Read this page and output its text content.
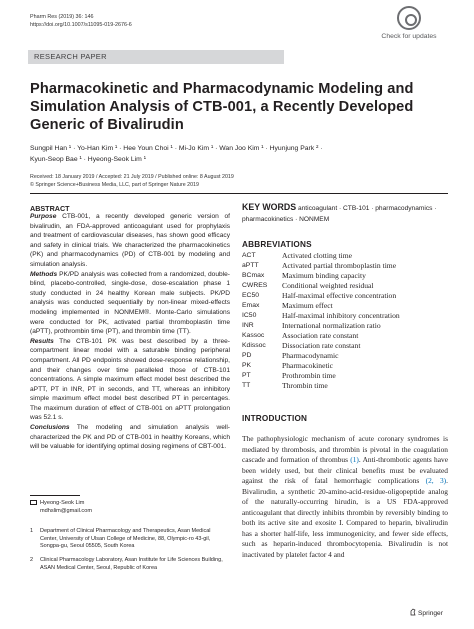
Pharm Res (2019) 36: 146
https://doi.org/10.1007/s11095-019-2676-6
Check for updates
RESEARCH PAPER
Pharmacokinetic and Pharmacodynamic Modeling and Simulation Analysis of CTB-001, a Recently Developed Generic of Bivalirudin
Sungpil Han ¹ · Yo-Han Kim ¹ · Hee Youn Choi ¹ · Mi-Jo Kim ¹ · Wan Joo Kim ¹ · Hyunjung Park ² ·
Kyun-Seop Bae ¹ · Hyeong-Seok Lim ¹
Received: 18 January 2019 / Accepted: 21 July 2019 / Published online: 8 August 2019
© Springer Science+Business Media, LLC, part of Springer Nature 2019
ABSTRACT

Purpose CTB-001, a recently developed generic version of bivalirudin, an FDA-approved anticoagulant used for prophylaxis and treatment of cardiovascular diseases, has shown good efficacy and safety in clinical trials. We characterized the pharmacokinetics (PK) and pharmacodynamics (PD) of CTB-001 by modeling and simulation analysis.

Methods PK/PD analysis was collected from a randomized, double-blind, placebo-controlled, single-dose, dose-escalation phase 1 study conducted in 24 healthy Korean male subjects. PK/PD analysis was conducted sequentially by non-linear mixed-effects modeling implemented in NONMEM®. Monte-Carlo simulations were conducted for PK, activated partial thromboplastin time (aPTT), prothrombin time (PT), and thrombin time (TT).

Results The CTB-101 PK was best described by a three-compartment linear model with a saturable binding peripheral compartment. All PD endpoints showed dose-response relationship, and their changes over time paralleled those of CTB-101 concentrations. A simple maximum effect model best described the aPTT, PT in INR, PT in seconds, and TT, whereas an inhibitory simple maximum effect model best described PT in percentages. The maximum duration of effect of CTB-001 on aPTT prolongation was 52.1 s.

Conclusions The modeling and simulation analysis well-characterized the PK and PD of CTB-001 in healthy Koreans, which will be valuable for identifying optimal dosing regimens of CBT-001.

Hyeong-Seok Lim
mdhslim@gmail.com
1 Department of Clinical Pharmacology and Therapeutics, Asan Medical Center, University of Ulsan College of Medicine, 88, Olympic-ro 43-gil, Songpa-gu, Seoul 05505, South Korea
2 Clinical Pharmacology Laboratory, Asan Institute for Life Sciences Building, ASAN Medical Center, Seoul, Republic of Korea
KEY WORDS anticoagulant · CTB-101 · pharmacodynamics · pharmacokinetics · NONMEM
ABBREVIATIONS
ACT	Activated clotting time
aPTT	Activated partial thromboplastin time
BCmax Maximum binding capacity
CWRES Conditional weighted residual
EC50	Half-maximal effective concentration
Emax	Maximum effect
IC50	Half-maximal inhibitory concentration
INR	International normalization ratio
Kassoc Association rate constant
Kdissoc Dissociation rate constant
PD	Pharmacodynamic
PK	Pharmacokinetic
PT	Prothrombin time
TT	Thrombin time
INTRODUCTION
The pathophysiologic mechanism of acute coronary syndromes is mediated by thrombosis, and thrombin is pivotal in the coagulation cascade and formation of thrombus (1). Anti-thrombotic agents have been widely used, but their clinical benefits must be evaluated against the risk of fatal hemorrhagic complications (2, 3). Bivalirudin, a synthetic 20-amino-acid-residue-oligopeptide analog of the naturally-occurring hirudin, is a US FDA-approved anticoagulant that directly inhibits thrombin by reversibly binding to both its active site and exosite I. Compared to heparin, bivalirudin has a shorter half-life, less immunogenicity, and fewer side effects, such as heparin-induced thrombocytopenia. Bivalirudin is not inactivated by platelet factor 4 and
Springer
